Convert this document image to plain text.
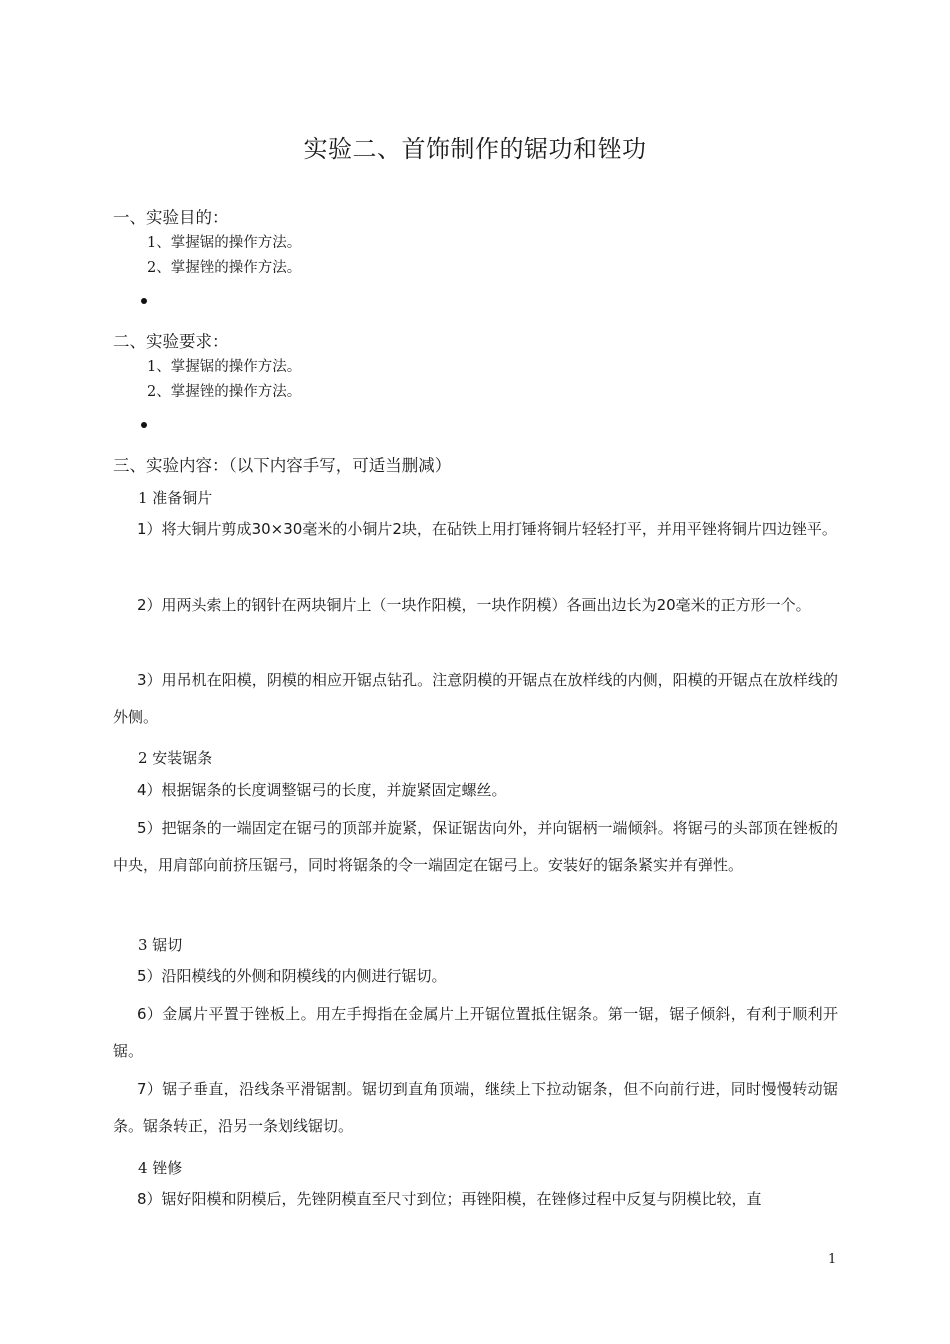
实验二、首饰制作的锯功和锉功
一、实验目的：
1、掌握锯的操作方法。
2、掌握锉的操作方法。
二、实验要求：
1、掌握锯的操作方法。
2、掌握锉的操作方法。
三、实验内容：（以下内容手写，可适当删减）
1 准备铜片
1）将大铜片剪成30×30毫米的小铜片2块，在砧铁上用打锤将铜片轻轻打平，并用平锉将铜片四边锉平。
2）用两头索上的钢针在两块铜片上（一块作阳模，一块作阴模）各画出边长为20毫米的正方形一个。
3）用吊机在阳模，阴模的相应开锯点钻孔。注意阴模的开锯点在放样线的内侧，阳模的开锯点在放样线的外侧。
2 安装锯条
4）根据锯条的长度调整锯弓的长度，并旋紧固定螺丝。
5）把锯条的一端固定在锯弓的顶部并旋紧，保证锯齿向外，并向锯柄一端倾斜。将锯弓的头部顶在锉板的中央，用肩部向前挤压锯弓，同时将锯条的令一端固定在锯弓上。安装好的锯条紧实并有弹性。
3 锯切
5）沿阳模线的外侧和阴模线的内侧进行锯切。
6）金属片平置于锉板上。用左手拇指在金属片上开锯位置抵住锯条。第一锯，锯子倾斜，有利于顺利开锯。
7）锯子垂直，沿线条平滑锯割。锯切到直角顶端，继续上下拉动锯条，但不向前行进，同时慢慢转动锯条。锯条转正，沿另一条划线锯切。
4 锉修
8）锯好阳模和阴模后，先锉阴模直至尺寸到位；再锉阳模，在锉修过程中反复与阴模比较，直
1
